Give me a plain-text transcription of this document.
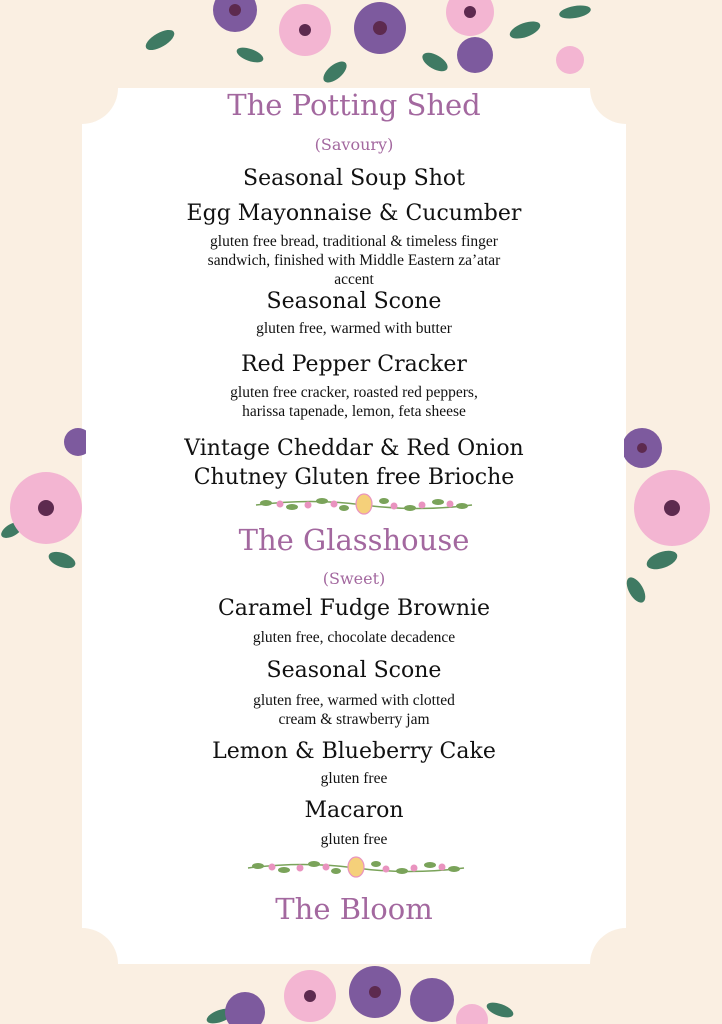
The Potting Shed
(Savoury)
Seasonal Soup Shot
Egg Mayonnaise & Cucumber
gluten free bread, traditional & timeless finger
sandwich, finished with Middle Eastern za’atar
accent
Seasonal Scone
gluten free, warmed with butter
Red Pepper Cracker
gluten free cracker, roasted red peppers,
harissa tapenade, lemon, feta sheese
Vintage Cheddar & Red Onion
Chutney Gluten free Brioche
The Glasshouse
(Sweet)
Caramel Fudge Brownie
gluten free, chocolate decadence
Seasonal Scone
gluten free, warmed with clotted
cream & strawberry jam
Lemon & Blueberry Cake
gluten free
Macaron
gluten free
The Bloom
